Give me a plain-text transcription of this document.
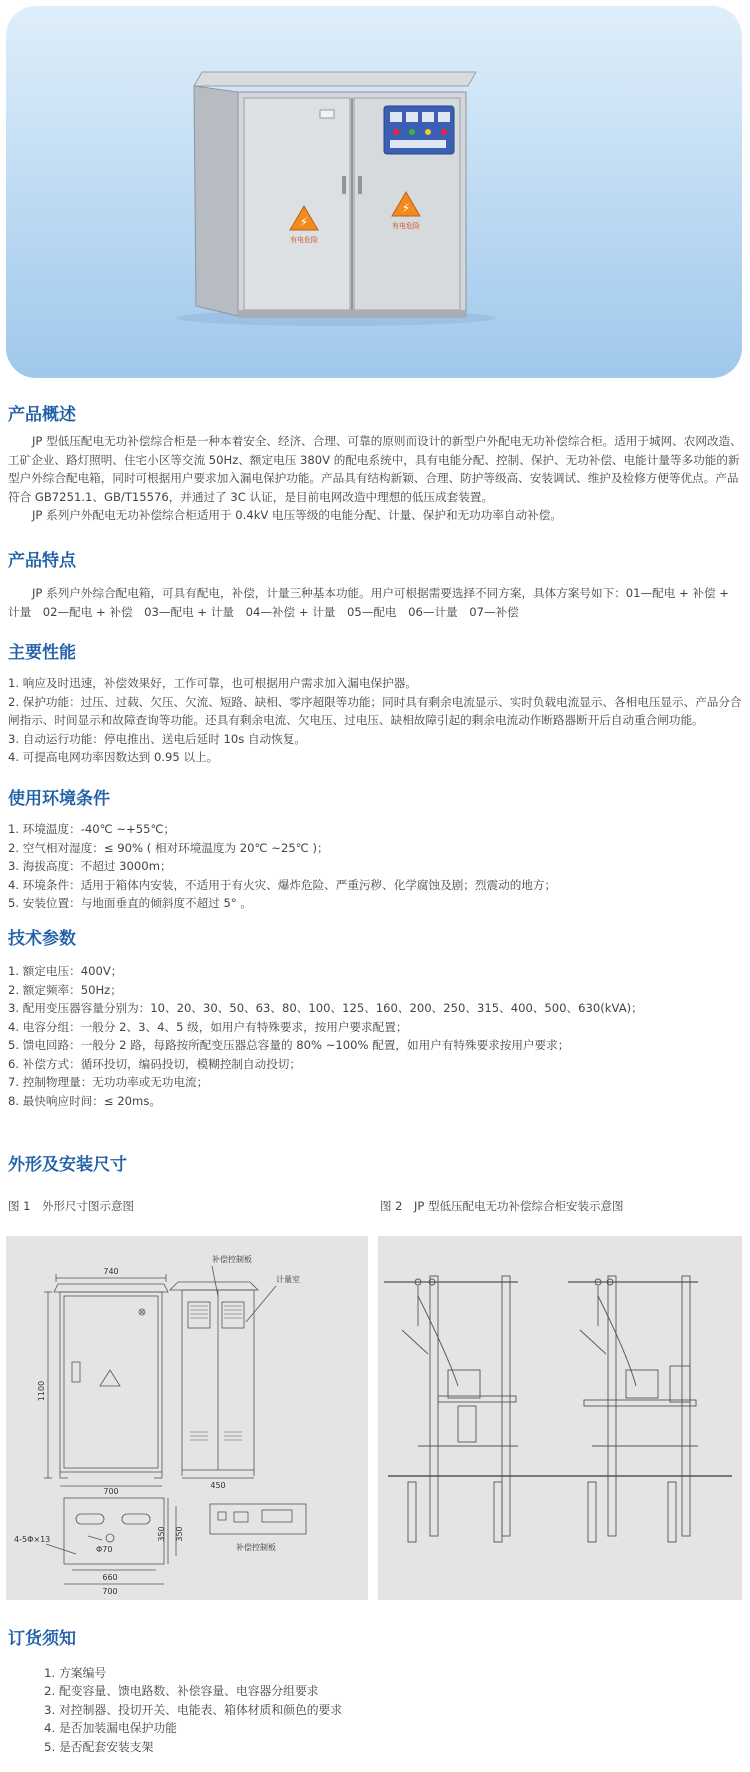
⚡
有电危险
⚡
有电危险
产品概述

JP 型低压配电无功补偿综合柜是一种本着安全、经济、合理、可靠的原则而设计的新型户外配电无功补偿综合柜。适用于城网、农网改造、工矿企业、路灯照明、住宅小区等交流 50Hz、额定电压 380V 的配电系统中，具有电能分配、控制、保护、无功补偿、电能计量等多功能的新型户外综合配电箱，同时可根据用户要求加入漏电保护功能。产品具有结构新颖、合理、防护等级高、安装调试、维护及检修方便等优点。产品符合 GB7251.1、GB/T15576，并通过了 3C 认证，是目前电网改造中理想的低压成套装置。

JP 系列户外配电无功补偿综合柜适用于 0.4kV 电压等级的电能分配、计量、保护和无功功率自动补偿。

产品特点

JP 系列户外综合配电箱，可具有配电，补偿，计量三种基本功能。用户可根据需要选择不同方案，具体方案号如下：01—配电 + 补偿 + 计量　02—配电 + 补偿　03—配电 + 计量　04—补偿 + 计量　05—配电　06—计量　07—补偿

主要性能
1. 响应及时迅速，补偿效果好，工作可靠，也可根据用户需求加入漏电保护器。
2. 保护功能：过压、过载、欠压、欠流、短路、缺相、零序超限等功能；同时具有剩余电流显示、实时负载电流显示、各相电压显示、产品分合闸指示、时间显示和故障查询等功能。还具有剩余电流、欠电压、过电压、缺相故障引起的剩余电流动作断路器断开后自动重合闸功能。
3. 自动运行功能：停电推出、送电后延时 10s 自动恢复。
4. 可提高电网功率因数达到 0.95 以上。
使用环境条件
1. 环境温度：-40℃ ~+55℃；
2. 空气相对湿度：≤ 90% ( 相对环境温度为 20℃ ~25℃ )；
3. 海拔高度：不超过 3000m；
4. 环境条件：适用于箱体内安装，不适用于有火灾、爆炸危险、严重污秽、化学腐蚀及剧；烈震动的地方；
5. 安装位置：与地面垂直的倾斜度不超过 5° 。
技术参数
1. 额定电压：400V；
2. 额定频率：50Hz；
3. 配用变压器容量分别为：10、20、30、50、63、80、100、125、160、200、250、315、400、500、630(kVA)；
4. 电容分组：一般分 2、3、4、5 级，如用户有特殊要求，按用户要求配置；
5. 馈电回路：一般分 2 路，每路按所配变压器总容量的 80% ~100% 配置，如用户有特殊要求按用户要求；
6. 补偿方式：循环投切，编码投切，模糊控制自动投切；
7. 控制物理量：无功功率或无功电流；
8. 最快响应时间：≤ 20ms。
外形及安装尺寸
图 1　外形尺寸图示意图	图 2　JP 型低压配电无功补偿综合柜安装示意图
740
1100
700
450
补偿控制板
计量室
350 350
Φ70
4-5Φ×13
660
700
补偿控制板
订货须知
1. 方案编号
2. 配变容量、馈电路数、补偿容量、电容器分组要求
3. 对控制器、投切开关、电能表、箱体材质和颜色的要求
4. 是否加装漏电保护功能
5. 是否配套安装支架
